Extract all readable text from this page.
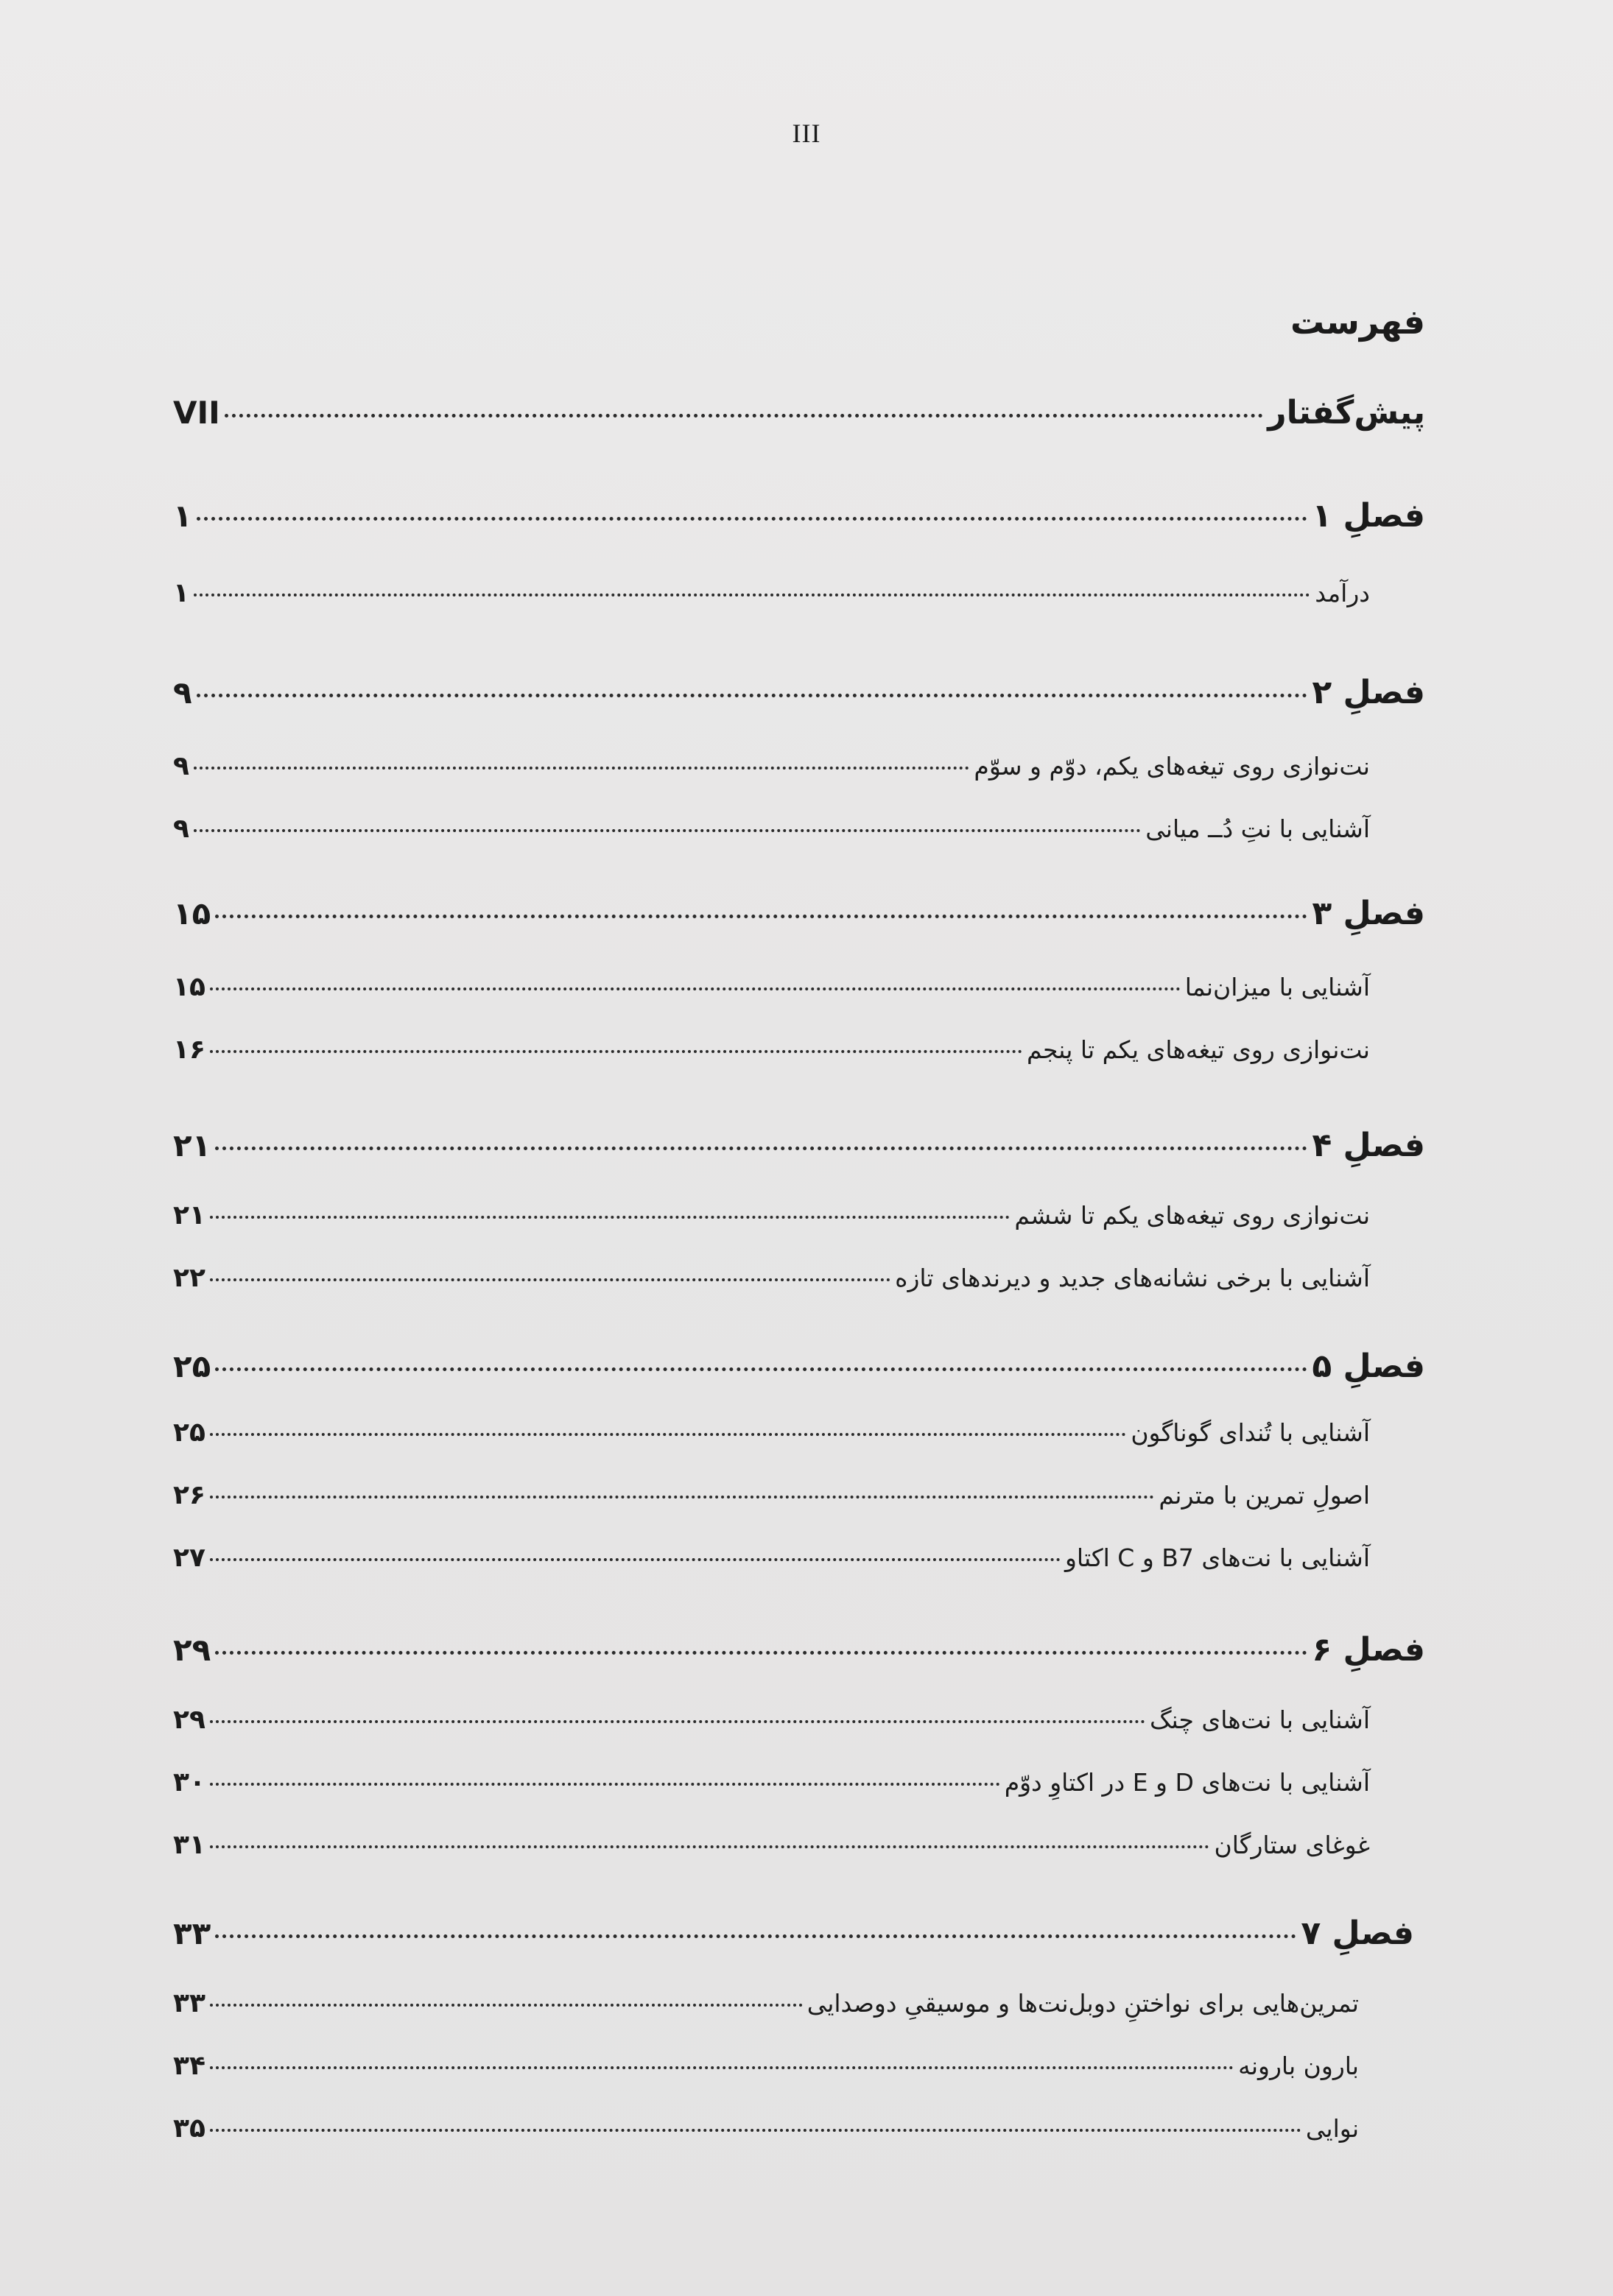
III
فهرست
پیش‌گفتار
VII
فصلِ ۱
۱
درآمد
۱
فصلِ ۲
۹
نت‌نوازی روی تیغه‌های یکم، دوّم و سوّم
۹
آشنایی با نتِ دُــ میانی
۹
فصلِ ۳
۱۵
آشنایی با میزان‌نما
۱۵
نت‌نوازی روی تیغه‌های یکم تا پنجم
۱۶
فصلِ ۴
۲۱
نت‌نوازی روی تیغه‌های یکم تا ششم
۲۱
آشنایی با برخی نشانه‌های جدید و دیرندهای تازه
۲۲
فصلِ ۵
۲۵
آشنایی با تُندای گوناگون
۲۵
اصولِ تمرین با مترنم
۲۶
آشنایی با نت‌های B7 و C اکتاو
۲۷
فصلِ ۶
۲۹
آشنایی با نت‌های چنگ
۲۹
آشنایی با نت‌های D و E در اکتاوِ دوّم
۳۰
غوغای ستارگان
۳۱
فصلِ ۷
۳۳
تمرین‌هایی برای نواختنِ دوبل‌نت‌ها و موسیقیِ دوصدایی
۳۳
بارون بارونه
۳۴
نوایی
۳۵
